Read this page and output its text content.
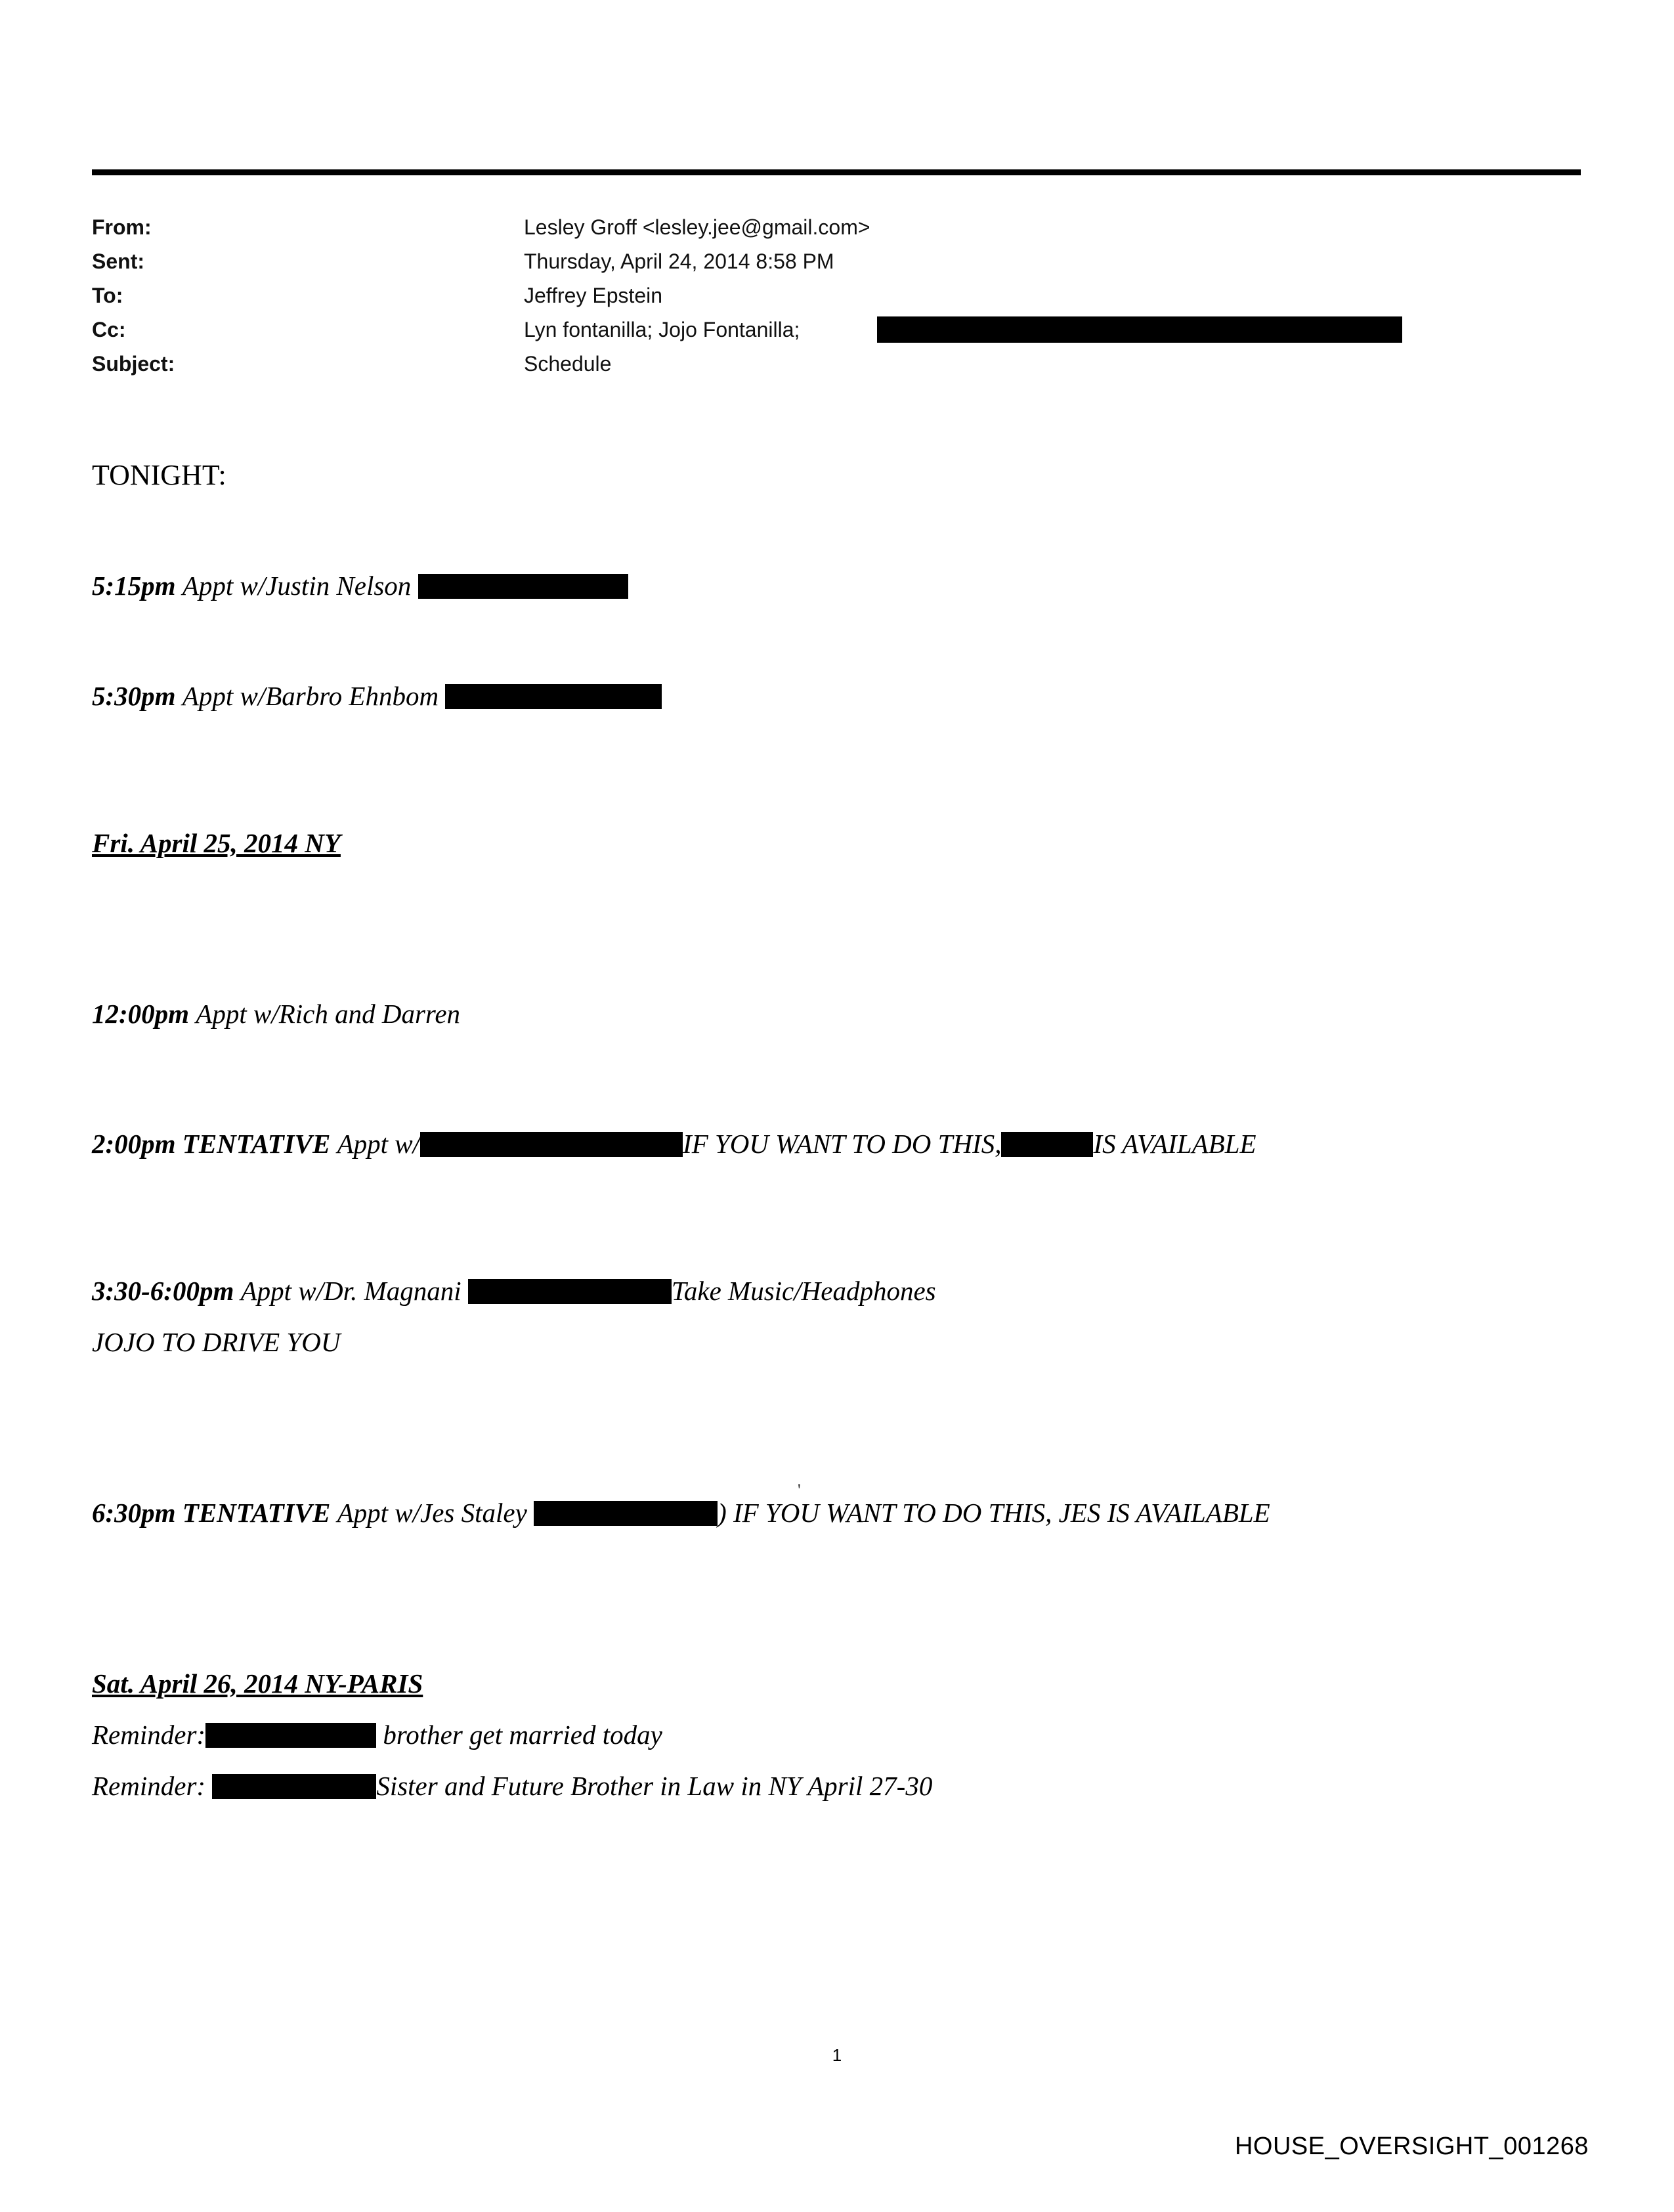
From:	Lesley Groff <lesley.jee@gmail.com>
Sent:	Thursday, April 24, 2014 8:58 PM
To:	Jeffrey Epstein
Cc:	Lyn fontanilla; Jojo Fontanilla;
Subject:	Schedule
TONIGHT:
5:15pm Appt w/Justin Nelson
5:30pm Appt w/Barbro Ehnbom
Fri. April 25, 2014 NY
12:00pm Appt w/Rich and Darren
2:00pm TENTATIVE Appt w/	IF YOU WANT TO DO THIS,	IS AVAILABLE
3:30-6:00pm Appt w/Dr. Magnani	Take Music/Headphones
JOJO TO DRIVE YOU
6:30pm TENTATIVE Appt w/Jes Staley	) IF YOU WANT TO DO THIS, JES IS AVAILABLE
Sat. April 26, 2014 NY-PARIS
Reminder:	brother get married today
Reminder:	Sister and Future Brother in Law in NY April 27-30
'
1
HOUSE_OVERSIGHT_001268
